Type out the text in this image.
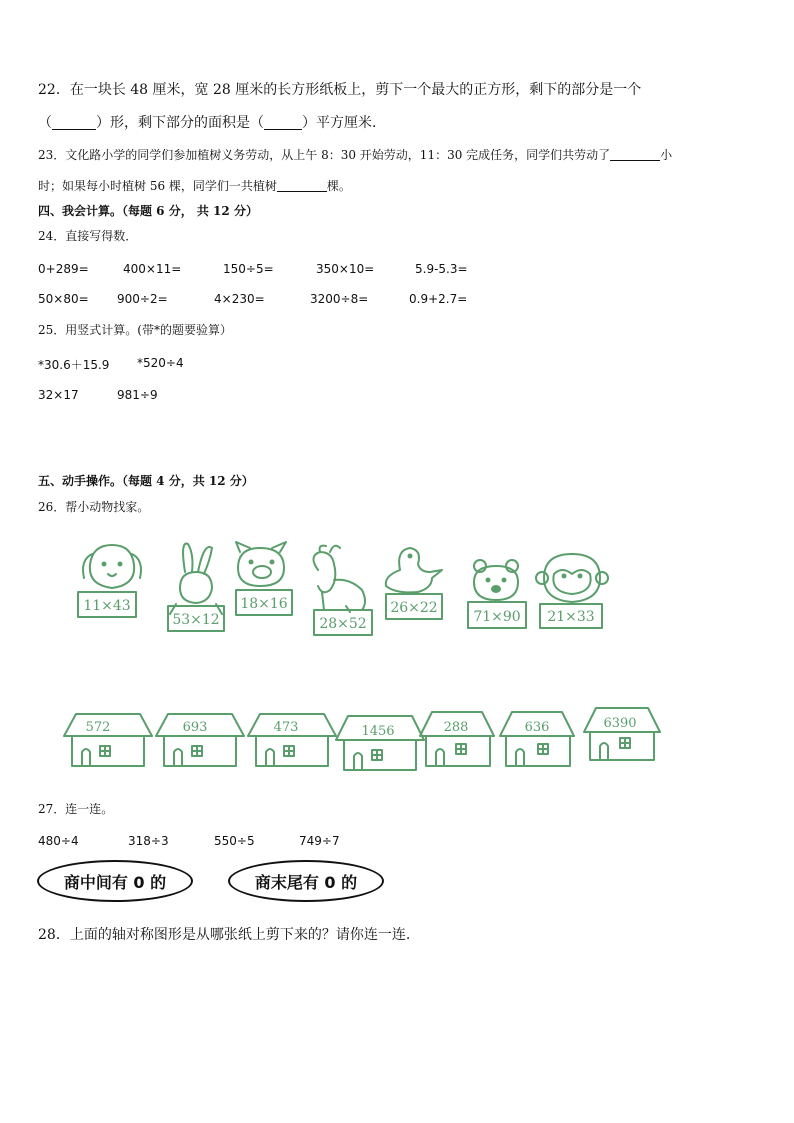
22．在一块长 48 厘米，宽 28 厘米的长方形纸板上，剪下一个最大的正方形，剩下的部分是一个
（	）形，剩下部分的面积是（	）平方厘米.
23．文化路小学的同学们参加植树义务劳动，从上午 8：30 开始劳动，11：30 完成任务，同学们共劳动了	小
时；如果每小时植树 56 棵，同学们一共植树	棵。
四、我会计算。（每题 6 分， 共 12 分）
24．直接写得数．
0+289=	400×11=	150÷5=	350×10=	5.9-5.3=
50×80= 900÷2=	4×230=	3200÷8=	0.9+2.7=
25．用竖式计算。(带*的题要验算）
*30.6＋15.9 *520÷4
32×17	981÷9
五、动手操作。（每题 4 分，共 12 分）
26．帮小动物找家。
11×43
53×12
18×16
28×52
26×22
71×90 21×33
572	693	473	1456	288	636	6390
27．连一连。
480÷4	318÷3	550÷5	749÷7
商中间有 0 的	商末尾有 0 的
28．上面的轴对称图形是从哪张纸上剪下来的？请你连一连.
